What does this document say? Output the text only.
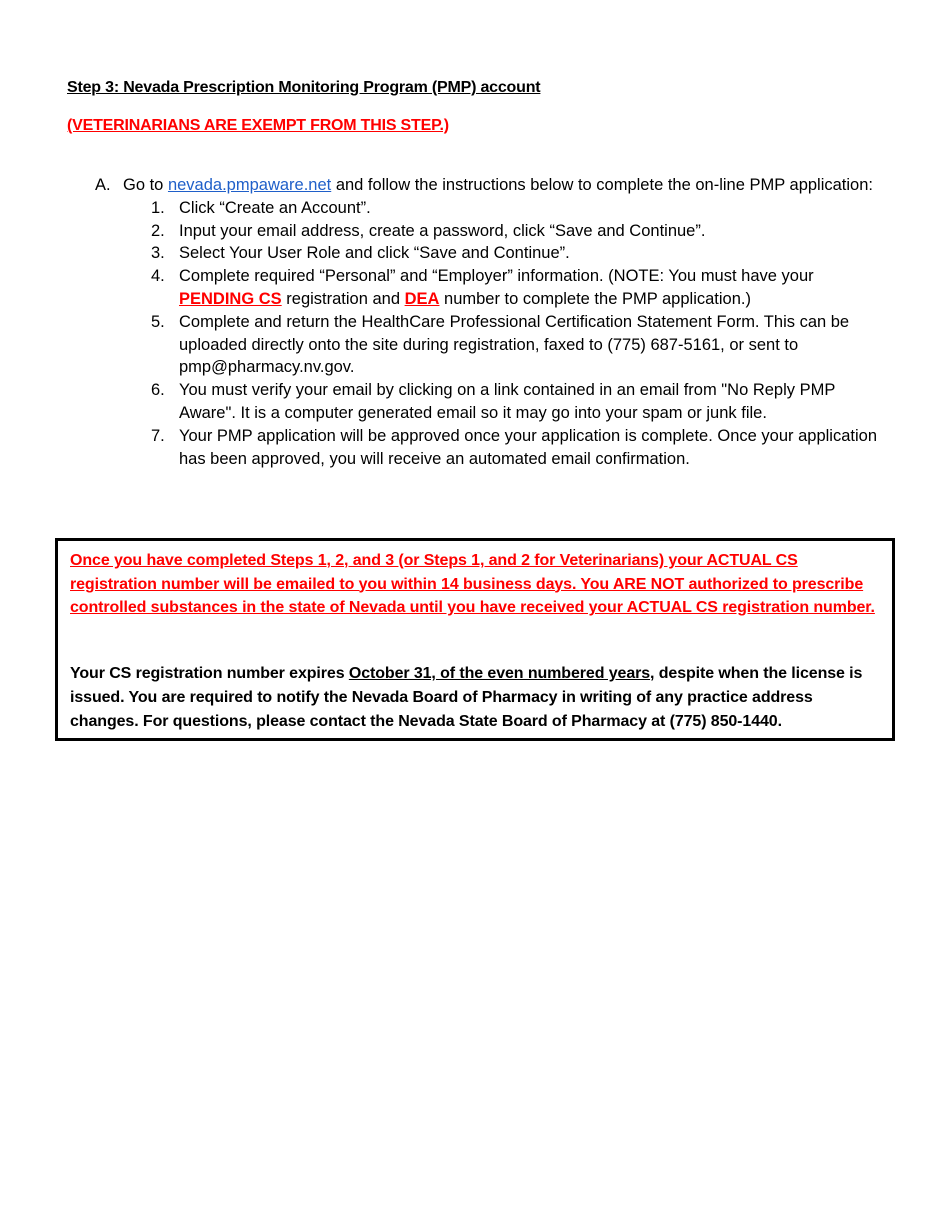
Step 3: Nevada Prescription Monitoring Program (PMP) account
(VETERINARIANS ARE EXEMPT FROM THIS STEP.)
A. Go to nevada.pmpaware.net and follow the instructions below to complete the on-line PMP application:
1. Click “Create an Account”.
2. Input your email address, create a password, click “Save and Continue”.
3. Select Your User Role and click “Save and Continue”.
4. Complete required “Personal” and “Employer” information. (NOTE: You must have your PENDING CS registration and DEA number to complete the PMP application.)
5. Complete and return the HealthCare Professional Certification Statement Form. This can be uploaded directly onto the site during registration, faxed to (775) 687-5161, or sent to pmp@pharmacy.nv.gov.
6. You must verify your email by clicking on a link contained in an email from "No Reply PMP Aware". It is a computer generated email so it may go into your spam or junk file.
7. Your PMP application will be approved once your application is complete. Once your application has been approved, you will receive an automated email confirmation.
Once you have completed Steps 1, 2, and 3 (or Steps 1, and 2 for Veterinarians) your ACTUAL CS registration number will be emailed to you within 14 business days. You ARE NOT authorized to prescribe controlled substances in the state of Nevada until you have received your ACTUAL CS registration number.
Your CS registration number expires October 31, of the even numbered years, despite when the license is issued. You are required to notify the Nevada Board of Pharmacy in writing of any practice address changes. For questions, please contact the Nevada State Board of Pharmacy at (775) 850-1440.
